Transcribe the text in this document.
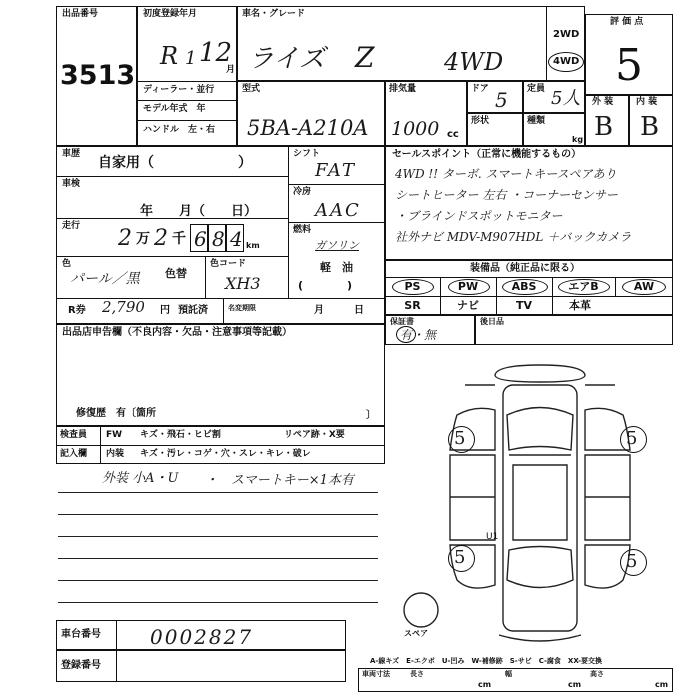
出品番号
3513
初度登録年月
R 1 12
月
ディーラー・並行
モデル年式　年
ハンドル　左・右
車名・グレード
ライズ Z	4WD
2WD
4WD
型式
5BA-A210A
排気量
1000 cc
ドア 5 定員 5人
形状	種類
kg
評 価 点
5
外 装	内 装
B B
車歴
自家用（　　　　　　）
車検
年　　月（　　日）
走行 2 万 2 千 6 8 4 km
色
パール／黒 色替
色コード
XH3
シフト
FAT
冷房
AAC
燃料
ガソリン
軽　油
(　　　　)
R券 2,790 円 預託済	名変期限	月　　　日
セールスポイント（正常に機能するもの）
4WD !! ターボ. スマートキースペアあり
シートヒーター 左右 ・コーナーセンサー
・ブラインドスポットモニター
社外ナビ MDV-M907HDL ＋バックカメラ
装備品（純正品に限る）
PS	PW	ABS	エアB	AW
SR	ナビ	TV	本革
保証書
有・無
後日品
出品店申告欄（不良内容・欠品・注意事項等記載）
修復歴　有〔箇所	〕
検査員
記入欄
FW キズ・飛石・ヒビ割	リペア跡・X要
内装 キズ・汚レ・コゲ・穴・スレ・キレ・破レ
外装 小A・U ・　スマートキー×1本有
車台番号 0002827
登録番号
5	5
5	5
U1
スペア
A-線キズ　E-エクボ　U-凹み　W-補修跡　S-サビ　C-腐食　XX-要交換
車両寸法	長さ	幅	高さ
cm	cm	cm
